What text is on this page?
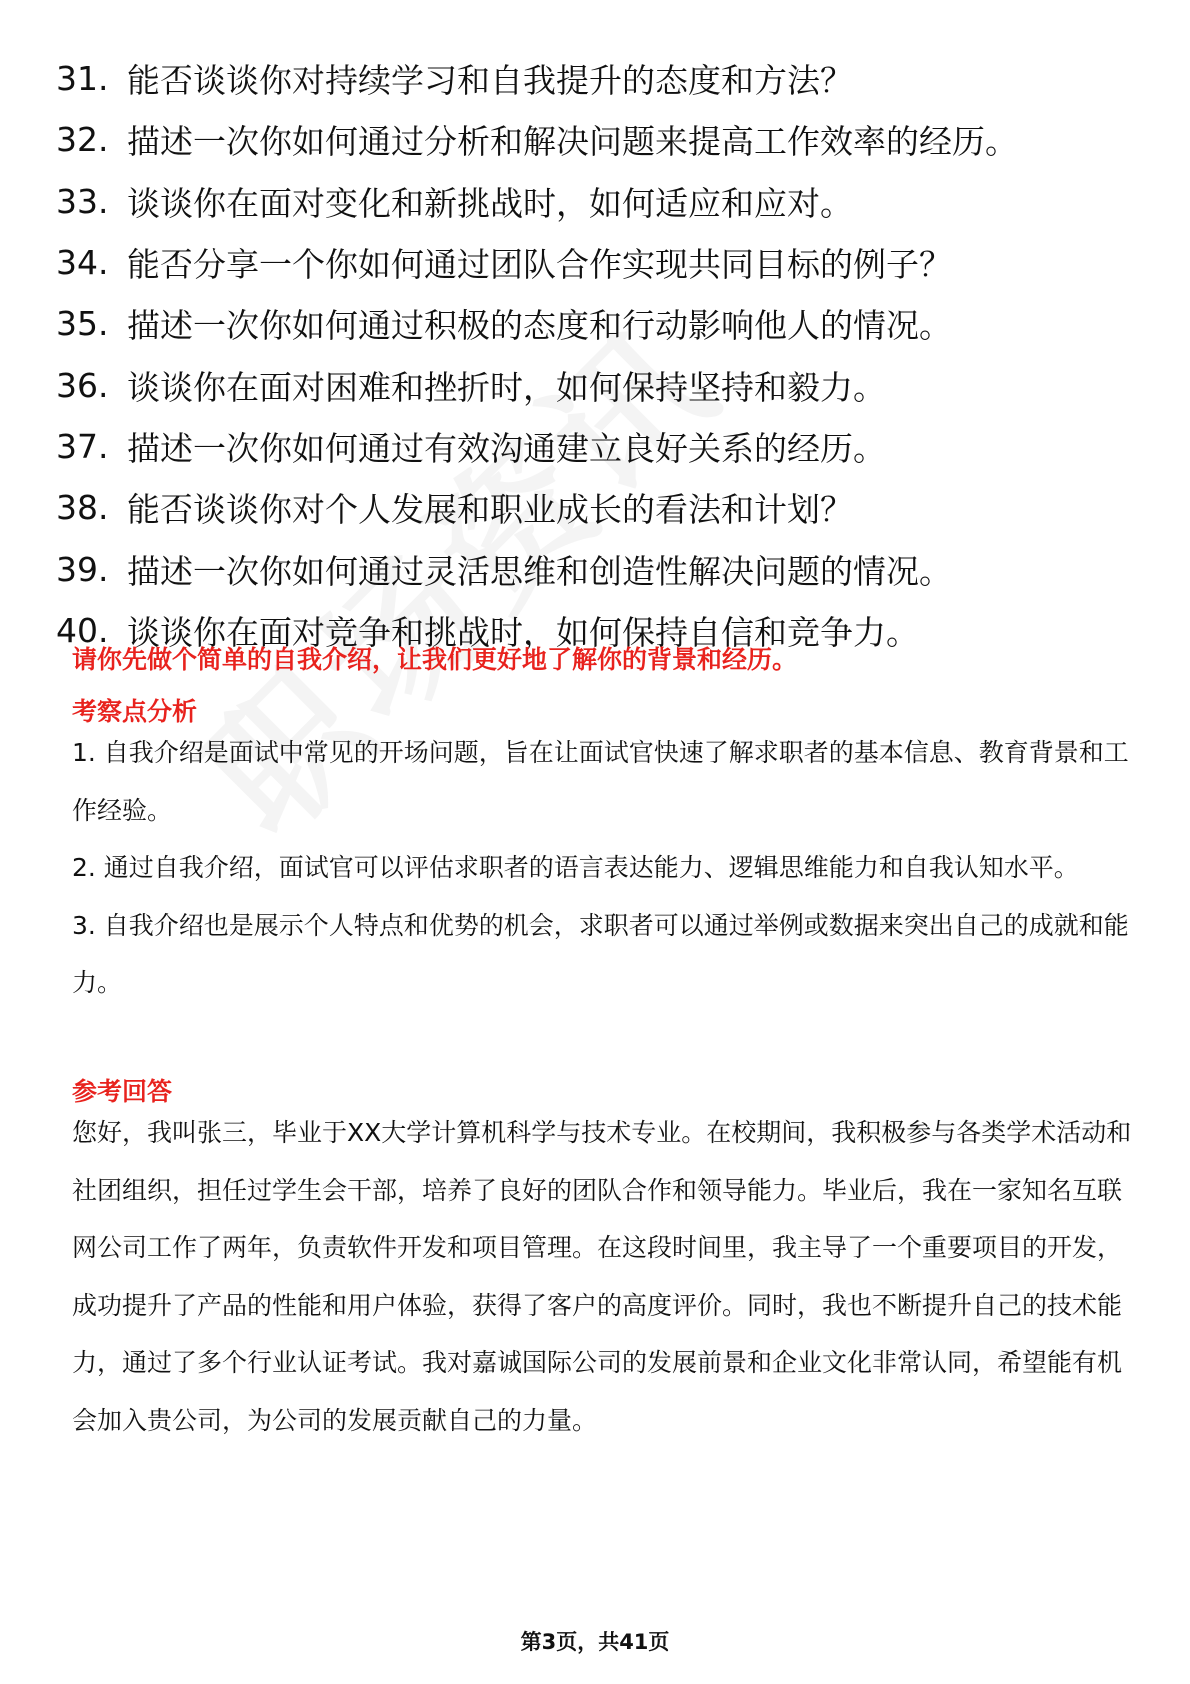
31. 能否谈谈你对持续学习和自我提升的态度和方法？
32. 描述一次你如何通过分析和解决问题来提高工作效率的经历。
33. 谈谈你在面对变化和新挑战时，如何适应和应对。
34. 能否分享一个你如何通过团队合作实现共同目标的例子？
35. 描述一次你如何通过积极的态度和行动影响他人的情况。
36. 谈谈你在面对困难和挫折时，如何保持坚持和毅力。
37. 描述一次你如何通过有效沟通建立良好关系的经历。
38. 能否谈谈你对个人发展和职业成长的看法和计划？
39. 描述一次你如何通过灵活思维和创造性解决问题的情况。
40. 谈谈你在面对竞争和挑战时，如何保持自信和竞争力。
请你先做个简单的自我介绍，让我们更好地了解你的背景和经历。
考察点分析

1. 自我介绍是面试中常见的开场问题，旨在让面试官快速了解求职者的基本信息、教育背景和工作经验。

2. 通过自我介绍，面试官可以评估求职者的语言表达能力、逻辑思维能力和自我认知水平。

3. 自我介绍也是展示个人特点和优势的机会，求职者可以通过举例或数据来突出自己的成就和能力。

参考回答

您好，我叫张三，毕业于XX大学计算机科学与技术专业。在校期间，我积极参与各类学术活动和社团组织，担任过学生会干部，培养了良好的团队合作和领导能力。毕业后，我在一家知名互联网公司工作了两年，负责软件开发和项目管理。在这段时间里，我主导了一个重要项目的开发，成功提升了产品的性能和用户体验，获得了客户的高度评价。同时，我也不断提升自己的技术能力，通过了多个行业认证考试。我对嘉诚国际公司的发展前景和企业文化非常认同，希望能有机会加入贵公司，为公司的发展贡献自己的力量。

第3页，共41页
